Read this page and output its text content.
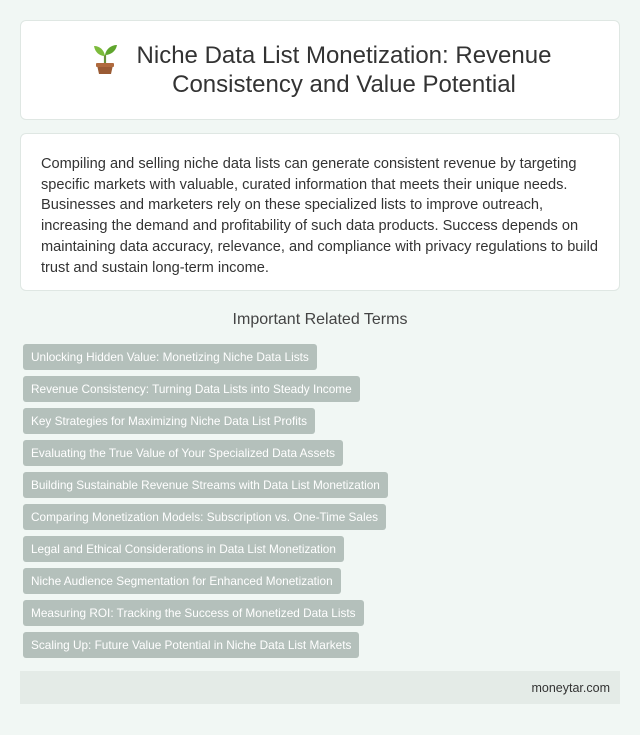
Niche Data List Monetization: Revenue Consistency and Value Potential

Compiling and selling niche data lists can generate consistent revenue by targeting specific markets with valuable, curated information that meets their unique needs. Businesses and marketers rely on these specialized lists to improve outreach, increasing the demand and profitability of such data products. Success depends on maintaining data accuracy, relevance, and compliance with privacy regulations to build trust and sustain long-term income.

Important Related Terms
Unlocking Hidden Value: Monetizing Niche Data Lists
Revenue Consistency: Turning Data Lists into Steady Income
Key Strategies for Maximizing Niche Data List Profits
Evaluating the True Value of Your Specialized Data Assets
Building Sustainable Revenue Streams with Data List Monetization
Comparing Monetization Models: Subscription vs. One-Time Sales
Legal and Ethical Considerations in Data List Monetization
Niche Audience Segmentation for Enhanced Monetization
Measuring ROI: Tracking the Success of Monetized Data Lists
Scaling Up: Future Value Potential in Niche Data List Markets
moneytar.com
